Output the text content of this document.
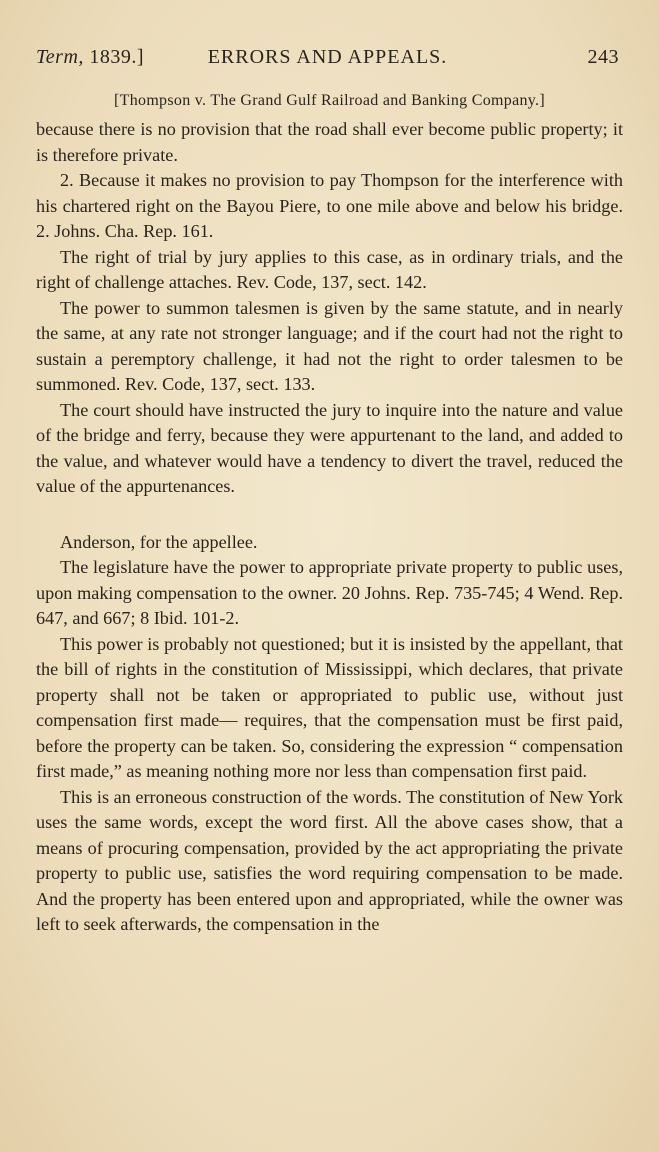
Term, 1839.]	ERRORS AND APPEALS.	243
[Thompson v. The Grand Gulf Railroad and Banking Company.]

because there is no provision that the road shall ever become public property; it is therefore private.

2. Because it makes no provision to pay Thompson for the interference with his chartered right on the Bayou Piere, to one mile above and below his bridge. 2. Johns. Cha. Rep. 161.

The right of trial by jury applies to this case, as in ordinary trials, and the right of challenge attaches. Rev. Code, 137, sect. 142.

The power to summon talesmen is given by the same statute, and in nearly the same, at any rate not stronger language; and if the court had not the right to sustain a peremptory challenge, it had not the right to order talesmen to be summoned. Rev. Code, 137, sect. 133.

The court should have instructed the jury to inquire into the nature and value of the bridge and ferry, because they were appurtenant to the land, and added to the value, and whatever would have a tendency to divert the travel, reduced the value of the appurtenances.

Anderson, for the appellee.

The legislature have the power to appropriate private property to public uses, upon making compensation to the owner. 20 Johns. Rep. 735-745; 4 Wend. Rep. 647, and 667; 8 Ibid. 101-2.

This power is probably not questioned; but it is insisted by the appellant, that the bill of rights in the constitution of Mississippi, which declares, that private property shall not be taken or appropriated to public use, without just compensation first made— requires, that the compensation must be first paid, before the property can be taken. So, considering the expression “ compensation first made,” as meaning nothing more nor less than compensation first paid.

This is an erroneous construction of the words. The constitution of New York uses the same words, except the word first. All the above cases show, that a means of procuring compensation, provided by the act appropriating the private property to public use, satisfies the word requiring compensation to be made. And the property has been entered upon and appropriated, while the owner was left to seek afterwards, the compensation in the
